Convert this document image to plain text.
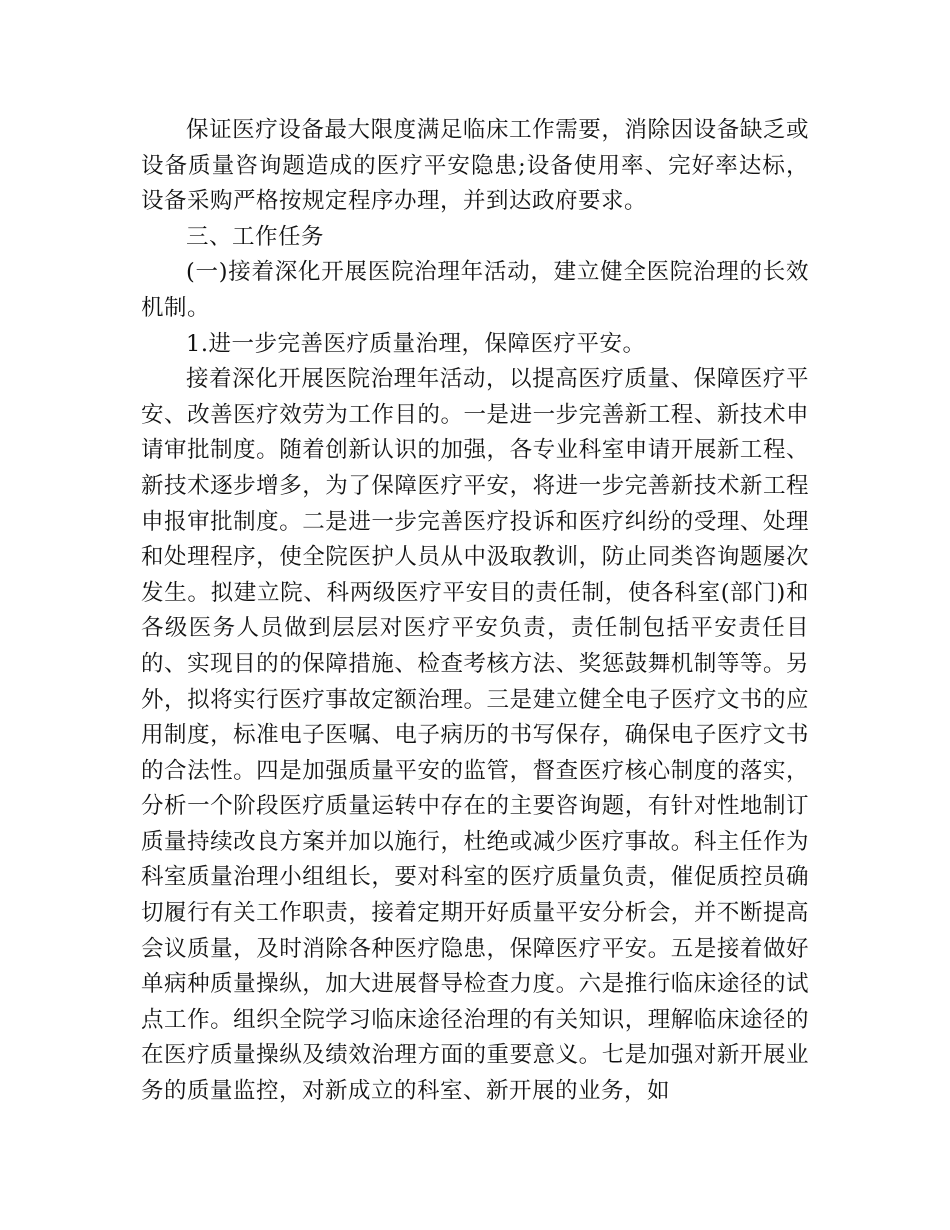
保证医疗设备最大限度满足临床工作需要，消除因设备缺乏或设备质量咨询题造成的医疗平安隐患;设备使用率、完好率达标，设备采购严格按规定程序办理，并到达政府要求。

三、工作任务

(一)接着深化开展医院治理年活动，建立健全医院治理的长效机制。

1.进一步完善医疗质量治理，保障医疗平安。

接着深化开展医院治理年活动，以提高医疗质量、保障医疗平安、改善医疗效劳为工作目的。一是进一步完善新工程、新技术申请审批制度。随着创新认识的加强，各专业科室申请开展新工程、新技术逐步增多，为了保障医疗平安，将进一步完善新技术新工程申报审批制度。二是进一步完善医疗投诉和医疗纠纷的受理、处理和处理程序，使全院医护人员从中汲取教训，防止同类咨询题屡次发生。拟建立院、科两级医疗平安目的责任制，使各科室(部门)和各级医务人员做到层层对医疗平安负责，责任制包括平安责任目的、实现目的的保障措施、检查考核方法、奖惩鼓舞机制等等。另外，拟将实行医疗事故定额治理。三是建立健全电子医疗文书的应用制度，标准电子医嘱、电子病历的书写保存，确保电子医疗文书的合法性。四是加强质量平安的监管，督查医疗核心制度的落实，分析一个阶段医疗质量运转中存在的主要咨询题，有针对性地制订质量持续改良方案并加以施行，杜绝或减少医疗事故。科主任作为科室质量治理小组组长，要对科室的医疗质量负责，催促质控员确切履行有关工作职责，接着定期开好质量平安分析会，并不断提高会议质量，及时消除各种医疗隐患，保障医疗平安。五是接着做好单病种质量操纵，加大进展督导检查力度。六是推行临床途径的试点工作。组织全院学习临床途径治理的有关知识，理解临床途径的在医疗质量操纵及绩效治理方面的重要意义。七是加强对新开展业务的质量监控，对新成立的科室、新开展的业务，如
